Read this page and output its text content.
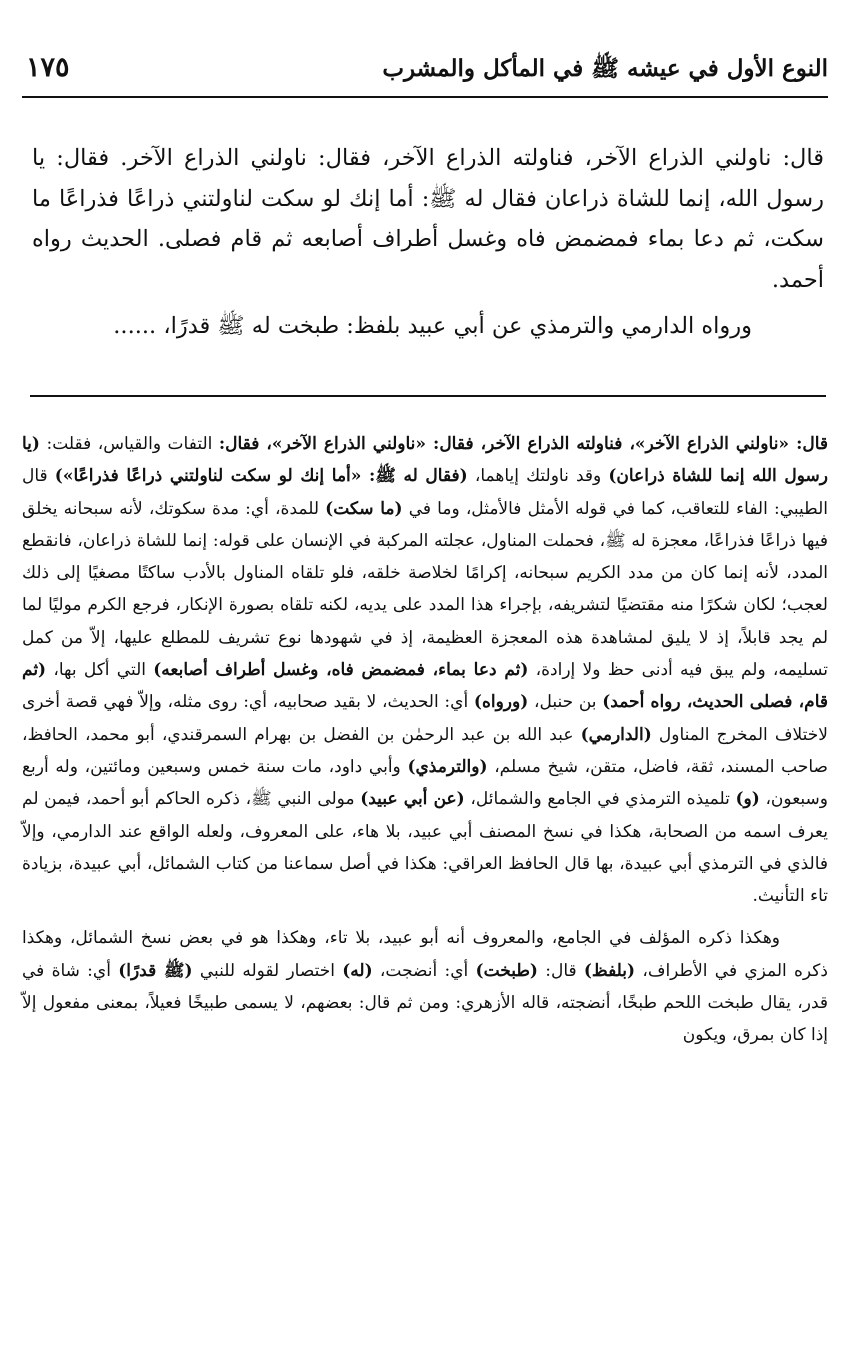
النوع الأول في عيشه ﷺ في المأكل والمشرب
١٧٥

قال: ناولني الذراع الآخر، فناولته الذراع الآخر، فقال: ناولني الذراع الآخر. فقال: يا رسول الله، إنما للشاة ذراعان فقال له ﷺ: أما إنك لو سكت لناولتني ذراعًا فذراعًا ما سكت، ثم دعا بماء فمضمض فاه وغسل أطراف أصابعه ثم قام فصلى. الحديث رواه أحمد.

ورواه الدارمي والترمذي عن أبي عبيد بلفظ: طبخت له ﷺ قدرًا، ......

قال: «ناولني الذراع الآخر»، فناولته الذراع الآخر، فقال: «ناولني الذراع الآخر»، فقال: التفات والقياس، فقلت: (يا رسول الله إنما للشاة ذراعان) وقد ناولتك إياهما، (فقال له ﷺ: «أما إنك لو سكت لناولتني ذراعًا فذراعًا») قال الطيبي: الفاء للتعاقب، كما في قوله الأمثل فالأمثل، وما في (ما سكت) للمدة، أي: مدة سكوتك، لأنه سبحانه يخلق فيها ذراعًا فذراعًا، معجزة له ﷺ، فحملت المناول، عجلته المركبة في الإنسان على قوله: إنما للشاة ذراعان، فانقطع المدد، لأنه إنما كان من مدد الكريم سبحانه، إكرامًا لخلاصة خلقه، فلو تلقاه المناول بالأدب ساكتًا مصغيًا إلى ذلك لعجب؛ لكان شكرًا منه مقتضيًا لتشريفه، بإجراء هذا المدد على يديه، لكنه تلقاه بصورة الإنكار، فرجع الكرم موليًا لما لم يجد قابلاً، إذ لا يليق لمشاهدة هذه المعجزة العظيمة، إذ في شهودها نوع تشريف للمطلع عليها، إلاّ من كمل تسليمه، ولم يبق فيه أدنى حظ ولا إرادة، (ثم دعا بماء، فمضمض فاه، وغسل أطراف أصابعه) التي أكل بها، (ثم قام، فصلى الحديث، رواه أحمد) بن حنبل، (ورواه) أي: الحديث، لا بقيد صحابيه، أي: روى مثله، وإلاّ فهي قصة أخرى لاختلاف المخرج المناول (الدارمي) عبد الله بن عبد الرحمٰن بن الفضل بن بهرام السمرقندي، أبو محمد، الحافظ، صاحب المسند، ثقة، فاضل، متقن، شيخ مسلم، (والترمذي) وأبي داود، مات سنة خمس وسبعين ومائتين، وله أربع وسبعون، (و) تلميذه الترمذي في الجامع والشمائل، (عن أبي عبيد) مولى النبي ﷺ، ذكره الحاكم أبو أحمد، فيمن لم يعرف اسمه من الصحابة، هكذا في نسخ المصنف أبي عبيد، بلا هاء، على المعروف، ولعله الواقع عند الدارمي، وإلاّ فالذي في الترمذي أبي عبيدة، بها قال الحافظ العراقي: هكذا في أصل سماعنا من كتاب الشمائل، أبي عبيدة، بزيادة تاء التأنيث.

وهكذا ذكره المؤلف في الجامع، والمعروف أنه أبو عبيد، بلا تاء، وهكذا هو في بعض نسخ الشمائل، وهكذا ذكره المزي في الأطراف، (بلفظ) قال: (طبخت) أي: أنضجت، (له) اختصار لقوله للنبي (ﷺ قدرًا) أي: شاة في قدر، يقال طبخت اللحم طبخًا، أنضجته، قاله الأزهري: ومن ثم قال: بعضهم، لا يسمى طبيخًا فعيلاً، بمعنى مفعول إلاّ إذا كان بمرق، ويكون
